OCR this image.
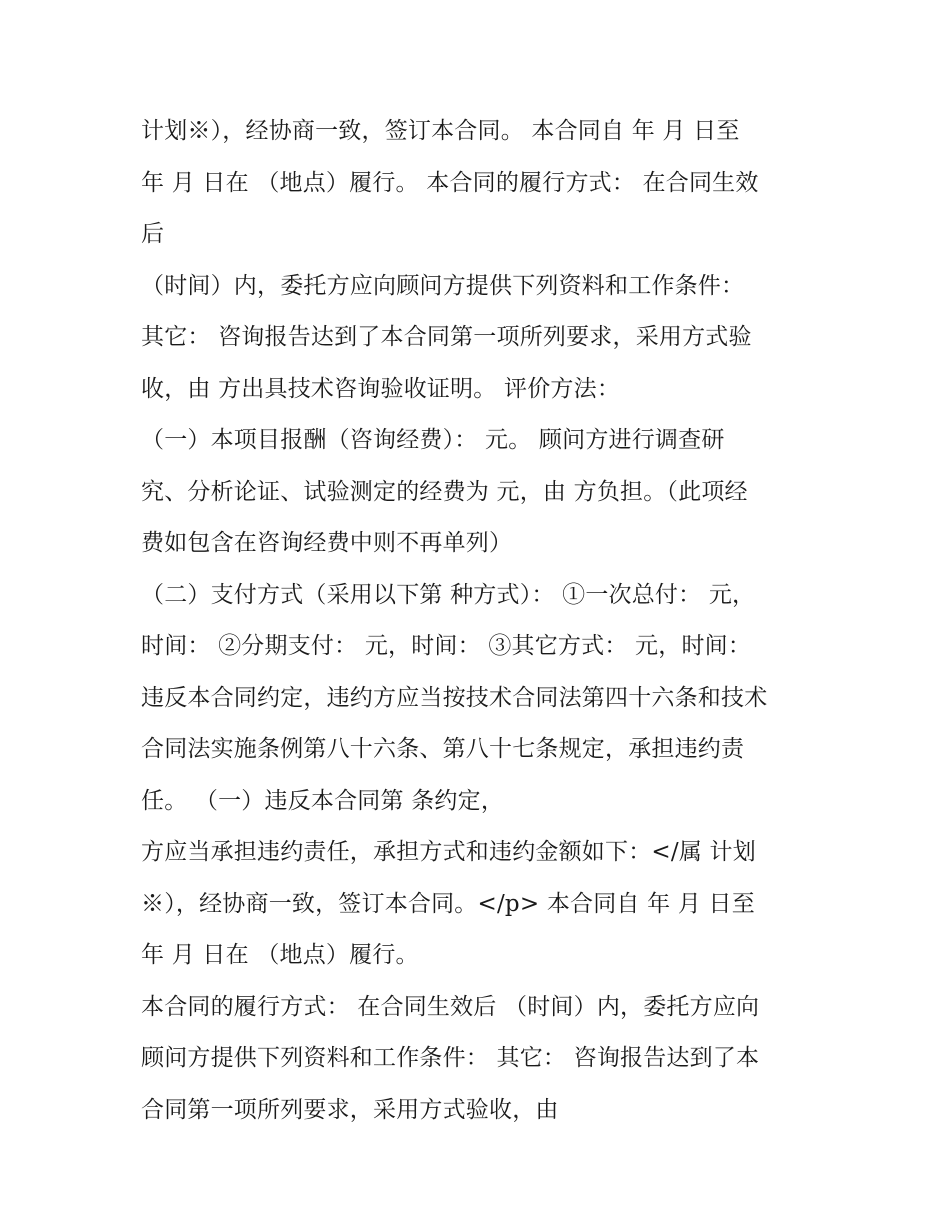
计划※），经协商一致，签订本合同。 本合同自 年 月 日至
年 月 日在 （地点）履行。 本合同的履行方式： 在合同生效
后
（时间）内，委托方应向顾问方提供下列资料和工作条件：
其它： 咨询报告达到了本合同第一项所列要求，采用方式验
收，由 方出具技术咨询验收证明。 评价方法：
（一）本项目报酬（咨询经费）： 元。 顾问方进行调查研
究、分析论证、试验测定的经费为 元，由 方负担。（此项经
费如包含在咨询经费中则不再单列）
（二）支付方式（采用以下第 种方式）： ①一次总付： 元，
时间： ②分期支付： 元，时间： ③其它方式： 元，时间：
违反本合同约定，违约方应当按技术合同法第四十六条和技术
合同法实施条例第八十六条、第八十七条规定，承担违约责
任。 （一）违反本合同第 条约定，
方应当承担违约责任，承担方式和违约金额如下：</属 计划
※），经协商一致，签订本合同。</p> 本合同自 年 月 日至
年 月 日在 （地点）履行。
本合同的履行方式： 在合同生效后 （时间）内，委托方应向
顾问方提供下列资料和工作条件： 其它： 咨询报告达到了本
合同第一项所列要求，采用方式验收，由
